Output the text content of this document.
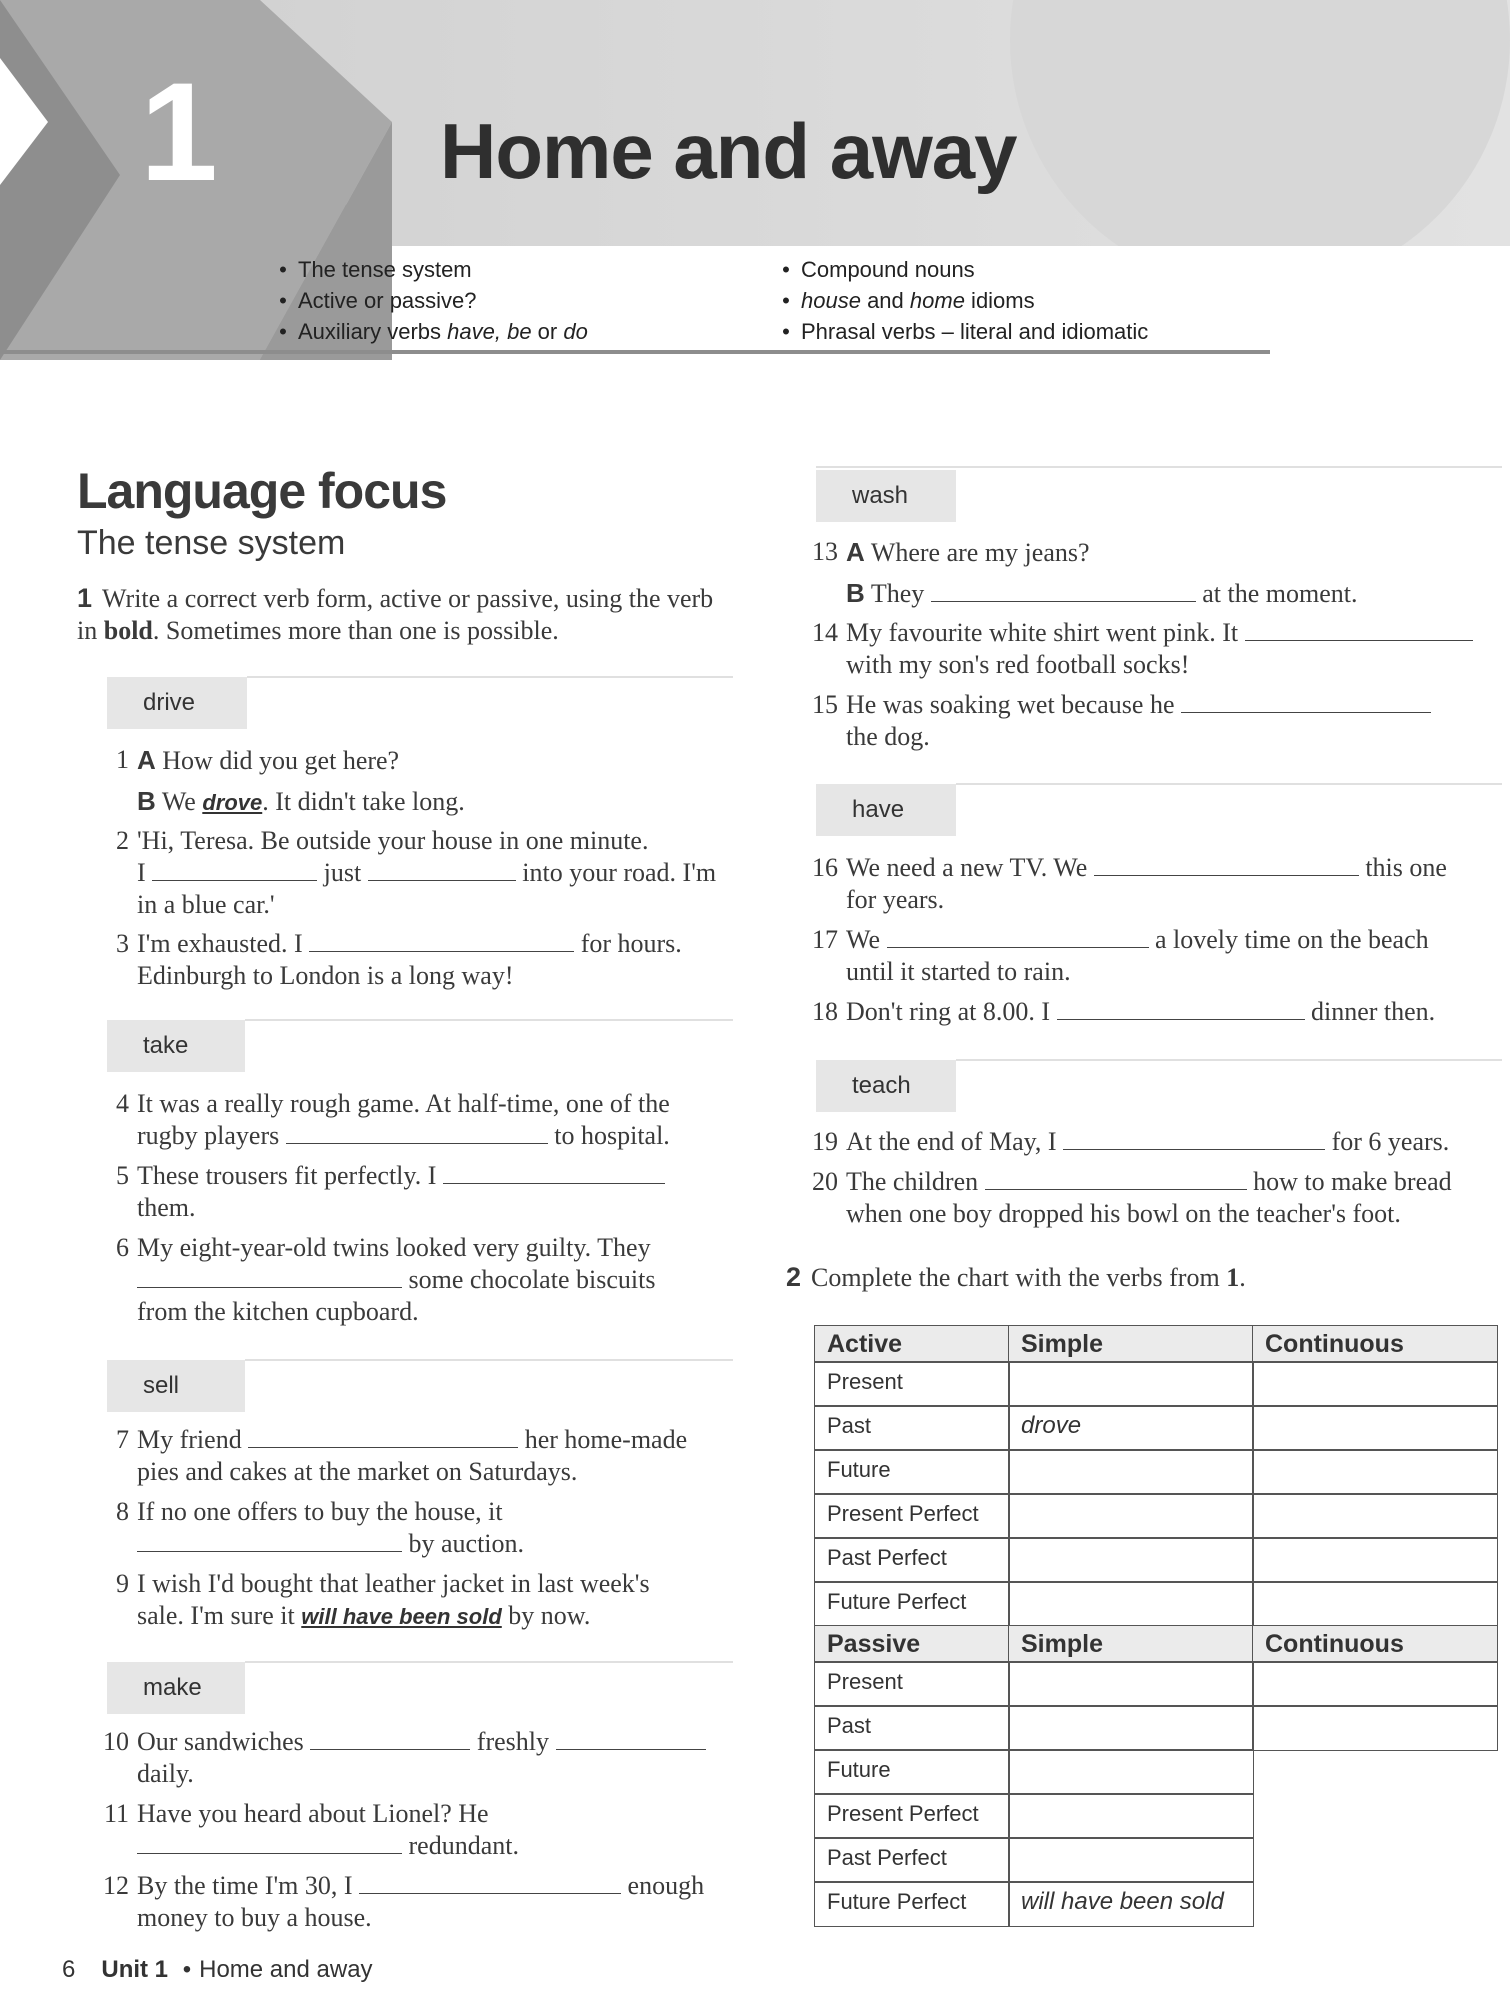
1	Home and away
• The tense system
• Active or passive?
• Auxiliary verbs have, be or do
• Compound nouns
• house and home idioms
• Phrasal verbs – literal and idiomatic
Language focus
The tense system
1 Write a correct verb form, active or passive, using the verb in bold. Sometimes more than one is possible.
drive
1 A How did you get here?
B We drove. It didn't take long.
2 'Hi, Teresa. Be outside your house in one minute.
I	just	into your road. I'm
in a blue car.'
3 I'm exhausted. I	for hours.
Edinburgh to London is a long way!
take
4 It was a really rough game. At half-time, one of the
rugby players	to hospital.
5 These trousers fit perfectly. I
them.
6 My eight-year-old twins looked very guilty. They
some chocolate biscuits
from the kitchen cupboard.
sell
7 My friend	her home-made
pies and cakes at the market on Saturdays.
8 If no one offers to buy the house, it
by auction.
9 I wish I'd bought that leather jacket in last week's
sale. I'm sure it will have been sold by now.
make
10 Our sandwiches	freshly
daily.
11 Have you heard about Lionel? He
redundant.
12 By the time I'm 30, I	enough
money to buy a house.
wash
13 A Where are my jeans?
B They	at the moment.
14 My favourite white shirt went pink. It
with my son's red football socks!
15 He was soaking wet because he
the dog.
have
16 We need a new TV. We	this one
for years.
17 We	a lovely time on the beach
until it started to rain.
18 Don't ring at 8.00. I	dinner then.
teach
19 At the end of May, I	for 6 years.
20 The children	how to make bread
when one boy dropped his bowl on the teacher's foot.
2 Complete the chart with the verbs from 1.
Active	Simple	Continuous
Present
Past	drove
Future
Present Perfect
Past Perfect
Future Perfect
Passive	Simple	Continuous
Present
Past
Future
Present Perfect
Past Perfect
Future Perfect	will have been sold
6 Unit 1 • Home and away
